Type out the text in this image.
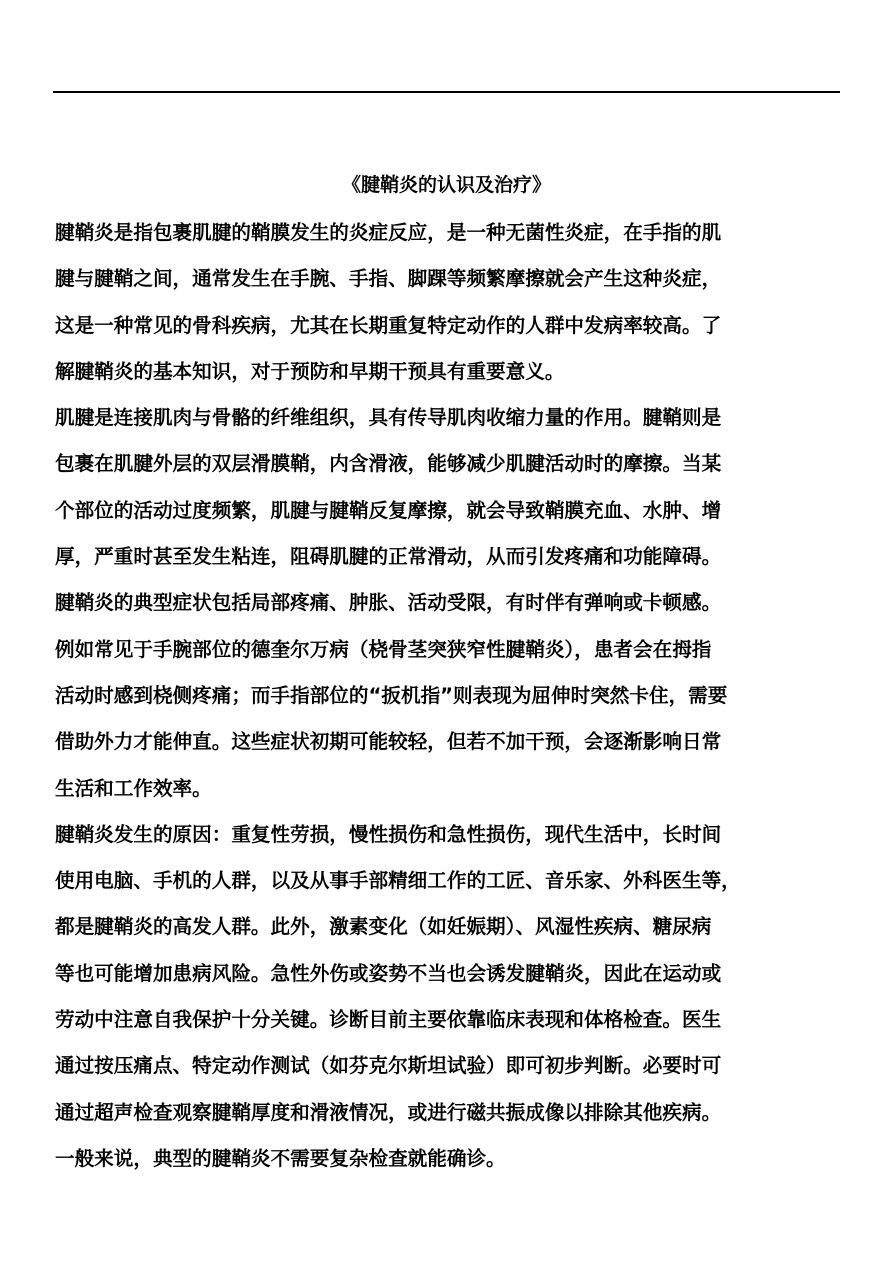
《腱鞘炎的认识及治疗》
腱鞘炎是指包裹肌腱的鞘膜发生的炎症反应，是一种无菌性炎症，在手指的肌
腱与腱鞘之间，通常发生在手腕、手指、脚踝等频繁摩擦就会产生这种炎症，
这是一种常见的骨科疾病，尤其在长期重复特定动作的人群中发病率较高。了
解腱鞘炎的基本知识，对于预防和早期干预具有重要意义。
肌腱是连接肌肉与骨骼的纤维组织，具有传导肌肉收缩力量的作用。腱鞘则是
包裹在肌腱外层的双层滑膜鞘，内含滑液，能够减少肌腱活动时的摩擦。当某
个部位的活动过度频繁，肌腱与腱鞘反复摩擦，就会导致鞘膜充血、水肿、增
厚，严重时甚至发生粘连，阻碍肌腱的正常滑动，从而引发疼痛和功能障碍。
腱鞘炎的典型症状包括局部疼痛、肿胀、活动受限，有时伴有弹响或卡顿感。
例如常见于手腕部位的德奎尔万病（桡骨茎突狭窄性腱鞘炎），患者会在拇指
活动时感到桡侧疼痛；而手指部位的“扳机指”则表现为屈伸时突然卡住，需要
借助外力才能伸直。这些症状初期可能较轻，但若不加干预，会逐渐影响日常
生活和工作效率。
腱鞘炎发生的原因：重复性劳损，慢性损伤和急性损伤，现代生活中，长时间
使用电脑、手机的人群，以及从事手部精细工作的工匠、音乐家、外科医生等，
都是腱鞘炎的高发人群。此外，激素变化（如妊娠期）、风湿性疾病、糖尿病
等也可能增加患病风险。急性外伤或姿势不当也会诱发腱鞘炎，因此在运动或
劳动中注意自我保护十分关键。诊断目前主要依靠临床表现和体格检查。医生
通过按压痛点、特定动作测试（如芬克尔斯坦试验）即可初步判断。必要时可
通过超声检查观察腱鞘厚度和滑液情况，或进行磁共振成像以排除其他疾病。
一般来说，典型的腱鞘炎不需要复杂检查就能确诊。
